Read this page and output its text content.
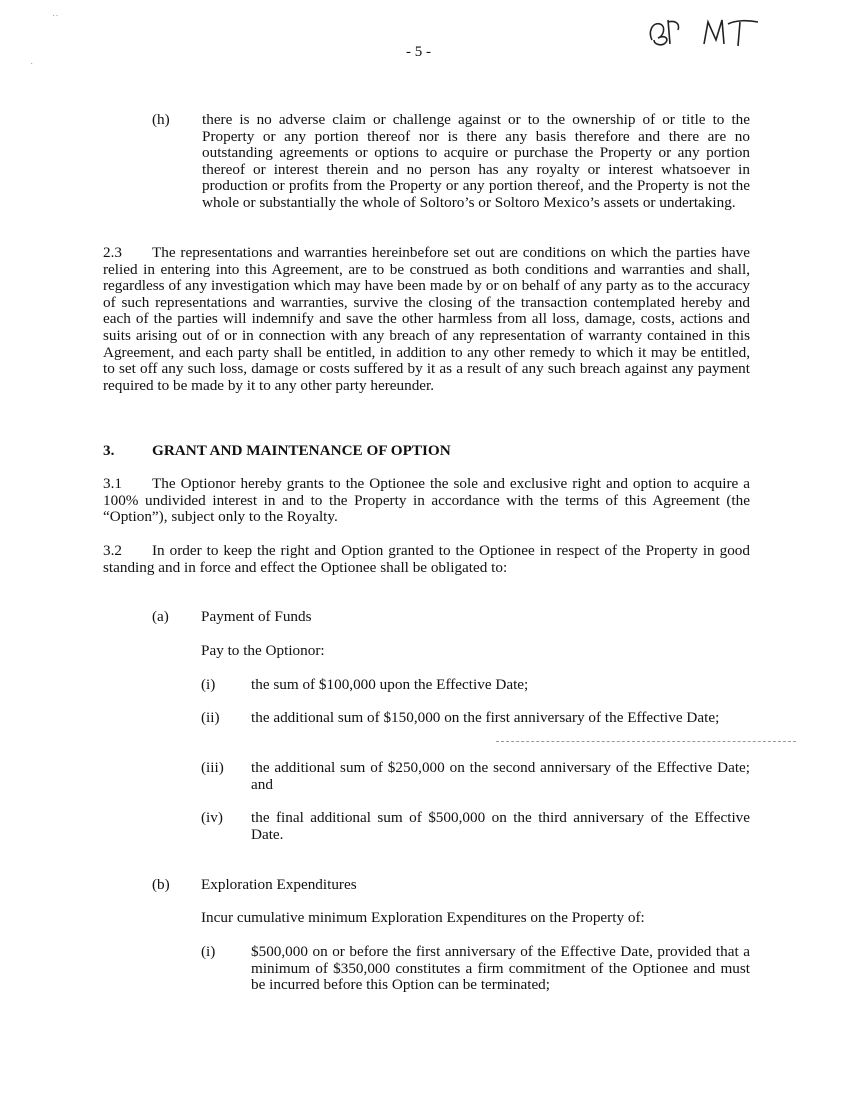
- 5 -
˙˙
˙
(h) there is no adverse claim or challenge against or to the ownership of or title to the Property or any portion thereof nor is there any basis therefore and there are no outstanding agreements or options to acquire or purchase the Property or any portion thereof or interest therein and no person has any royalty or interest whatsoever in production or profits from the Property or any portion thereof, and the Property is not the whole or substantially the whole of Soltoro’s or Soltoro Mexico’s assets or undertaking.
2.3 The representations and warranties hereinbefore set out are conditions on which the parties have relied in entering into this Agreement, are to be construed as both conditions and warranties and shall, regardless of any investigation which may have been made by or on behalf of any party as to the accuracy of such representations and warranties, survive the closing of the transaction contemplated hereby and each of the parties will indemnify and save the other harmless from all loss, damage, costs, actions and suits arising out of or in connection with any breach of any representation of warranty contained in this Agreement, and each party shall be entitled, in addition to any other remedy to which it may be entitled, to set off any such loss, damage or costs suffered by it as a result of any such breach against any payment required to be made by it to any other party hereunder.
3. GRANT AND MAINTENANCE OF OPTION
3.1 The Optionor hereby grants to the Optionee the sole and exclusive right and option to acquire a 100% undivided interest in and to the Property in accordance with the terms of this Agreement (the “Option”), subject only to the Royalty.
3.2 In order to keep the right and Option granted to the Optionee in respect of the Property in good standing and in force and effect the Optionee shall be obligated to:
(a) Payment of Funds
Pay to the Optionor:
(i) the sum of $100,000 upon the Effective Date;
(ii) the additional sum of $150,000 on the first anniversary of the Effective Date;
(iii) the additional sum of $250,000 on the second anniversary of the Effective Date; and
(iv) the final additional sum of $500,000 on the third anniversary of the Effective Date.
(b) Exploration Expenditures
Incur cumulative minimum Exploration Expenditures on the Property of:
(i) $500,000 on or before the first anniversary of the Effective Date, provided that a minimum of $350,000 constitutes a firm commitment of the Optionee and must be incurred before this Option can be terminated;
